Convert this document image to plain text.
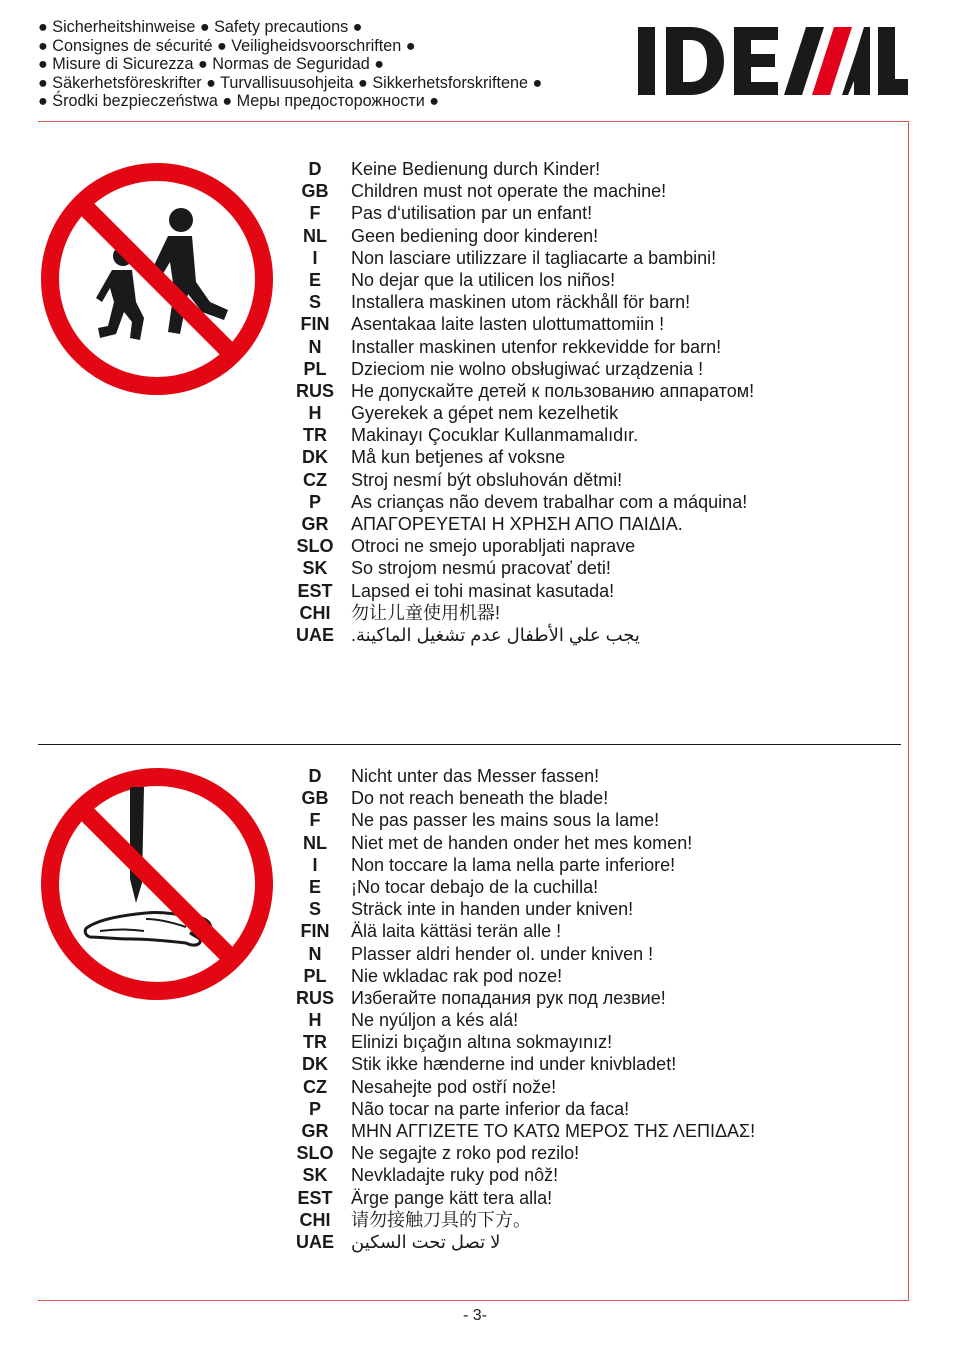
● Sicherheitshinweise ● Safety precautions ●
● Consignes de sécurité ● Veiligheidsvoorschriften ●
● Misure di Sicurezza ● Normas de Seguridad ●
● Säkerhetsföreskrifter ● Turvallisuusohjeita ● Sikkerhetsforskriftene ●
● Środki bezpieczeństwa ● Меры предосторожности ●
D	Keine Bedienung durch Kinder!
GB	Children must not operate the machine!
F	Pas d‘utilisation par un enfant!
NL	Geen bediening door kinderen!
I	Non lasciare utilizzare il tagliacarte a bambini!
E	No dejar que la utilicen los niños!
S	Installera maskinen utom räckhåll för barn!
FIN	Asentakaa laite lasten ulottumattomiin !
N	Installer maskinen utenfor rekkevidde for barn!
PL	Dzieciom nie wolno obsługiwać urządzenia !
RUS Не допускайте детей к пользованию аппаратом!
H	Gyerekek a gépet nem kezelhetik
TR	Makinayı Çocuklar Kullanmamalıdır.
DK	Må kun betjenes af voksne
CZ	Stroj nesmí být obsluhován dětmi!
P	As crianças não devem trabalhar com a máquina!
GR	ΑΠΑΓΟΡΕΥΕΤΑΙ Η ΧΡΗΣΗ ΑΠΟ ΠΑΙΔΙΑ.
SLO Otroci ne smejo uporabljati naprave
SK	So strojom nesmú pracovať deti!
EST	Lapsed ei tohi masinat kasutada!
CHI	勿让儿童使用机器!
UAE يجب علي الأطفال عدم تشغيل الماكينة.
D	Nicht unter das Messer fassen!
GB	Do not reach beneath the blade!
F	Ne pas passer les mains sous la lame!
NL	Niet met de handen onder het mes komen!
I	Non toccare la lama nella parte inferiore!
E	¡No tocar debajo de la cuchilla!
S	Sträck inte in handen under kniven!
FIN	Älä laita kättäsi terän alle !
N	Plasser aldri hender ol. under kniven !
PL	Nie wkladac rak pod noze!
RUS Избегайте попадания рук под лезвие!
H	Ne nyúljon a kés alá!
TR	Elinizi bıçağın altına sokmayınız!
DK	Stik ikke hænderne ind under knivbladet!
CZ	Nesahejte pod ostří nože!
P	Não tocar na parte inferior da faca!
GR	ΜΗΝ ΑΓΓΙΖΕΤΕ ΤΟ ΚΑΤΩ ΜΕΡΟΣ ΤΗΣ ΛΕΠΙΔΑΣ!
SLO Ne segajte z roko pod rezilo!
SK	Nevkladajte ruky pod nôž!
EST	Ärge pange kätt tera alla!
CHI	请勿接触刀具的下方。
UAE لا تصل تحت السكين
- 3-
